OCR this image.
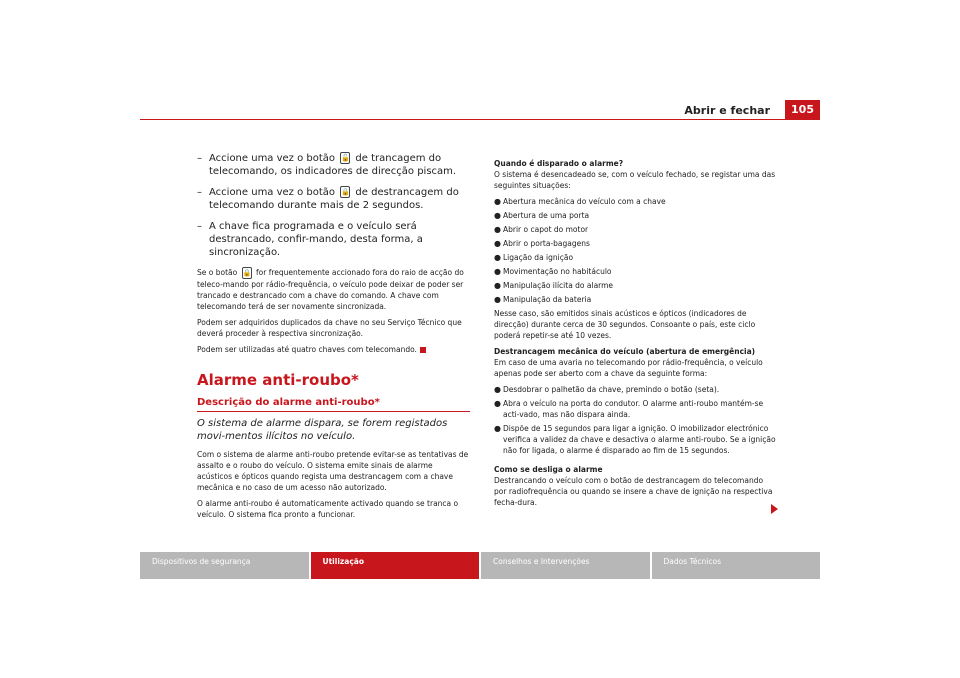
Abrir e fechar	105
– Accione uma vez o botão 🔓 de trancagem do telecomando, os indicadores de direcção piscam.
– Accione uma vez o botão 🔒 de destrancagem do telecomando durante mais de 2 segundos.
– A chave fica programada e o veículo será destrancado, confir-mando, desta forma, a sincronização.

Se o botão 🔒 for frequentemente accionado fora do raio de acção do teleco-mando por rádio-frequência, o veículo pode deixar de poder ser trancado e destrancado com a chave do comando. A chave com telecomando terá de ser novamente sincronizada.

Podem ser adquiridos duplicados da chave no seu Serviço Técnico que deverá proceder à respectiva sincronização.

Podem ser utilizadas até quatro chaves com telecomando.

Alarme anti-roubo*
Descrição do alarme anti-roubo*

O sistema de alarme dispara, se forem registados movi-mentos ilícitos no veículo.

Com o sistema de alarme anti-roubo pretende evitar-se as tentativas de assalto e o roubo do veículo. O sistema emite sinais de alarme acústicos e ópticos quando regista uma destrancagem com a chave mecânica e no caso de um acesso não autorizado.

O alarme anti-roubo é automaticamente activado quando se tranca o veículo. O sistema fica pronto a funcionar.

Quando é disparado o alarme?

O sistema é desencadeado se, com o veículo fechado, se registar uma das seguintes situações:

● Abertura mecânica do veículo com a chave
● Abertura de uma porta
● Abrir o capot do motor
● Abrir o porta-bagagens
● Ligação da ignição
● Movimentação no habitáculo
● Manipulação ilícita do alarme
● Manipulação da bateria

Nesse caso, são emitidos sinais acústicos e ópticos (indicadores de direcção) durante cerca de 30 segundos. Consoante o país, este ciclo poderá repetir-se até 10 vezes.

Destrancagem mecânica do veículo (abertura de emergência)

Em caso de uma avaria no telecomando por rádio-frequência, o veículo apenas pode ser aberto com a chave da seguinte forma:

● Desdobrar o palhetão da chave, premindo o botão (seta).
● Abra o veículo na porta do condutor. O alarme anti-roubo mantém-se acti-vado, mas não dispara ainda.
● Dispõe de 15 segundos para ligar a ignição. O imobilizador electrónico verifica a validez da chave e desactiva o alarme anti-roubo. Se a ignição não for ligada, o alarme é disparado ao fim de 15 segundos.

Como se desliga o alarme

Destrancando o veículo com o botão de destrancagem do telecomando por radiofrequência ou quando se insere a chave de ignição na respectiva fecha-dura.

Dispositivos de segurança	Utilização	Conselhos e Intervenções	Dados Técnicos
